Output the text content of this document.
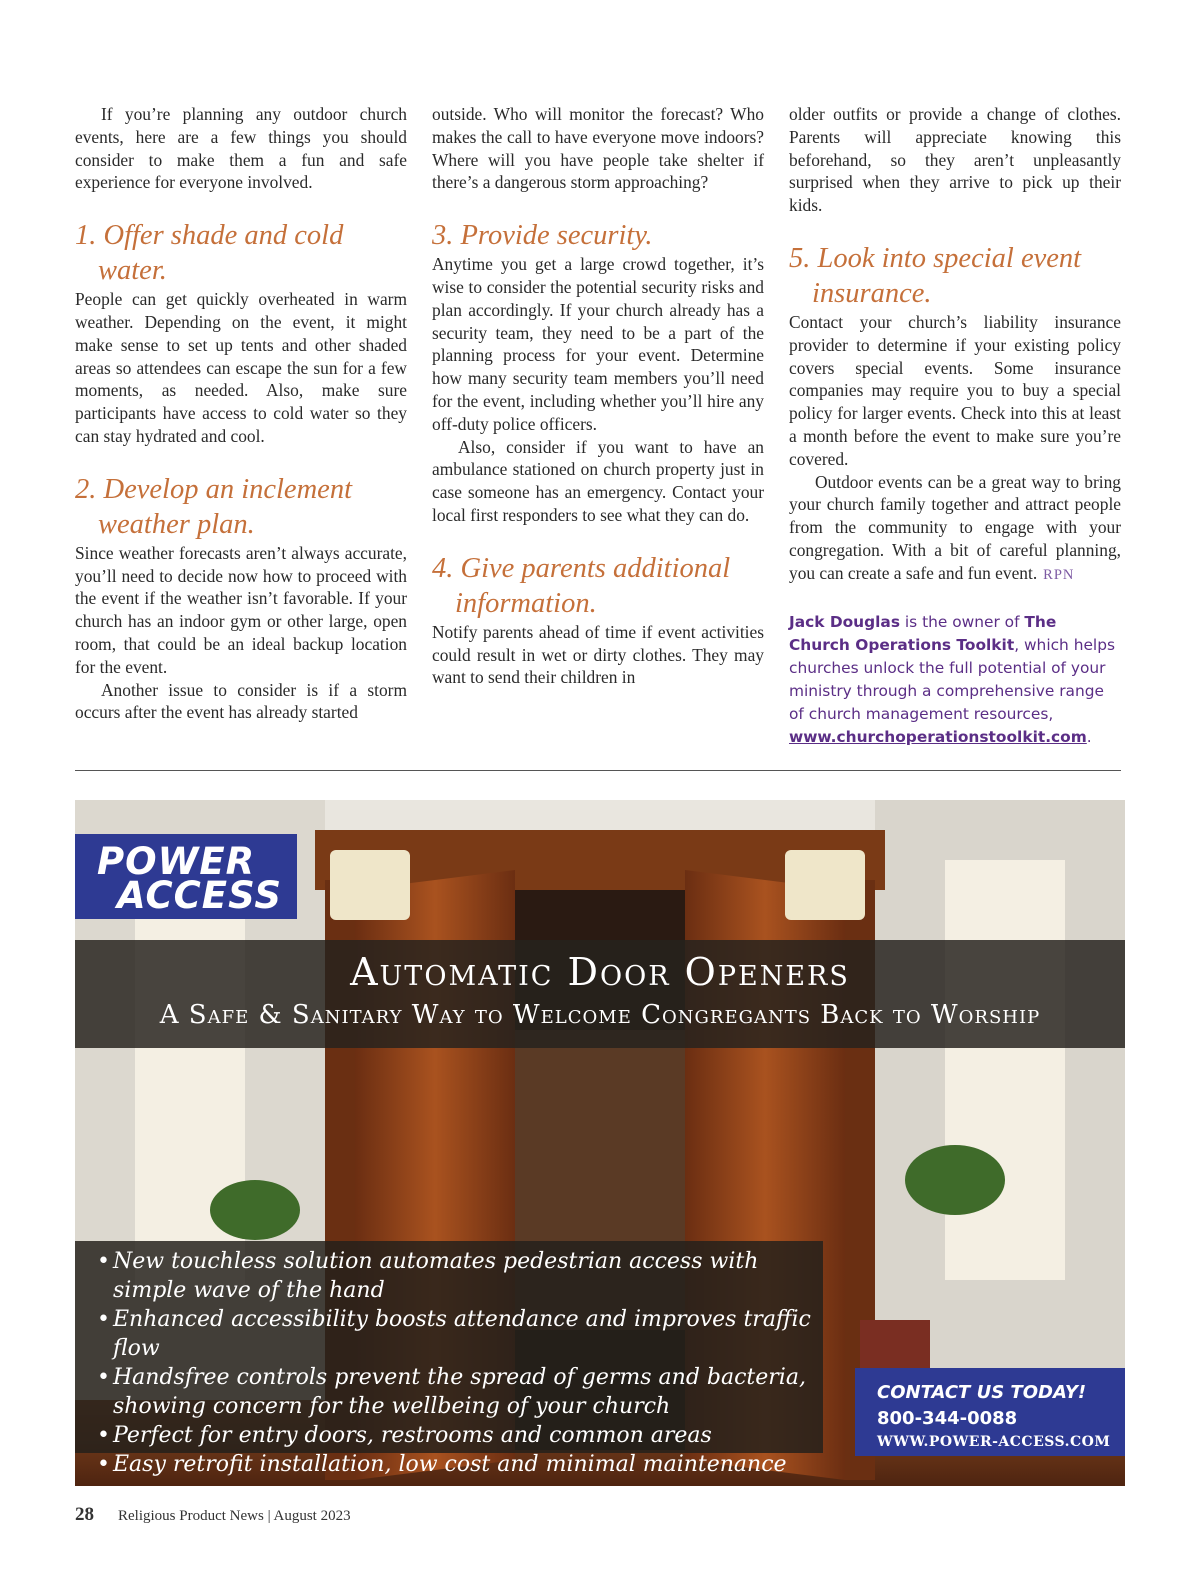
If you’re planning any outdoor church events, here are a few things you should consider to make them a fun and safe experience for everyone involved.

1. Offer shade and cold water.

People can get quickly overheated in warm weather. Depending on the event, it might make sense to set up tents and other shaded areas so attendees can escape the sun for a few moments, as needed. Also, make sure participants have access to cold water so they can stay hydrated and cool.

2. Develop an inclement weather plan.

Since weather forecasts aren’t always accurate, you’ll need to decide now how to proceed with the event if the weather isn’t favorable. If your church has an indoor gym or other large, open room, that could be an ideal backup location for the event.

Another issue to consider is if a storm occurs after the event has already started

outside. Who will monitor the forecast? Who makes the call to have everyone move indoors? Where will you have people take shelter if there’s a dangerous storm approaching?

3. Provide security.

Anytime you get a large crowd together, it’s wise to consider the potential security risks and plan accordingly. If your church already has a security team, they need to be a part of the planning process for your event. Determine how many security team members you’ll need for the event, including whether you’ll hire any off-duty police officers.

Also, consider if you want to have an ambulance stationed on church property just in case someone has an emergency. Contact your local first responders to see what they can do.

4. Give parents additional information.

Notify parents ahead of time if event activities could result in wet or dirty clothes. They may want to send their children in

older outfits or provide a change of clothes. Parents will appreciate knowing this beforehand, so they aren’t unpleasantly surprised when they arrive to pick up their kids.

5. Look into special event insurance.

Contact your church’s liability insurance provider to determine if your existing policy covers special events. Some insurance companies may require you to buy a special policy for larger events. Check into this at least a month before the event to make sure you’re covered.

Outdoor events can be a great way to bring your church family together and attract people from the community to engage with your congregation. With a bit of careful planning, you can create a safe and fun event. RPN

Jack Douglas is the owner of The Church Operations Toolkit, which helps churches unlock the full potential of your ministry through a comprehensive range of church management resources, www.churchoperationstoolkit.com.
POWER
ACCESS
Automatic Door Openers
A Safe & Sanitary Way to Welcome Congregants Back to Worship
• New touchless solution automates pedestrian access with simple wave of the hand
• Enhanced accessibility boosts attendance and improves traffic flow
• Handsfree controls prevent the spread of germs and bacteria, showing concern for the wellbeing of your church
• Perfect for entry doors, restrooms and common areas
• Easy retrofit installation, low cost and minimal maintenance
CONTACT US TODAY!
800-344-0088
WWW.POWER-ACCESS.COM
28 Religious Product News | August 2023
